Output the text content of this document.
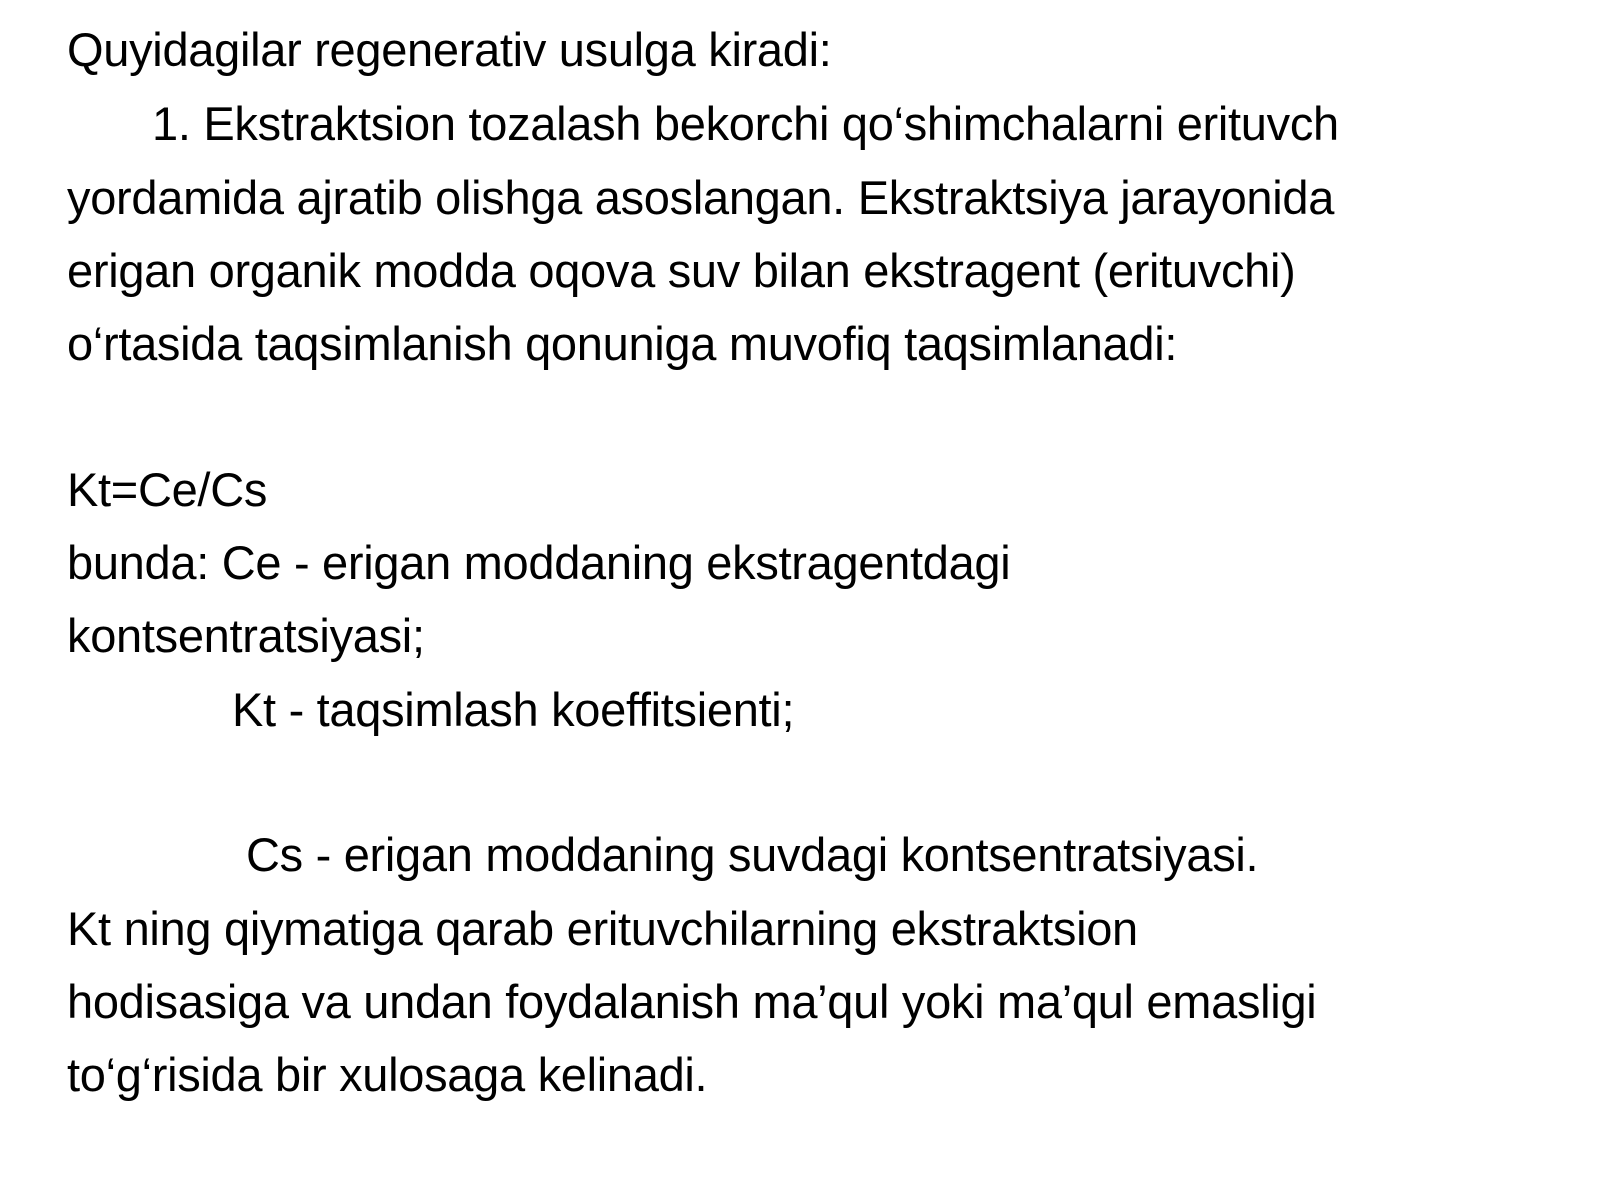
Quyidagilar regenerativ usulga kiradi:
1. Ekstraktsion tozalash bekorchi qo‘shimchalarni erituvch
yordamida ajratib olishga asoslangan. Ekstraktsiya jarayonida
erigan organik modda oqova suv bilan ekstragent (erituvchi)
o‘rtasida taqsimlanish qonuniga muvofiq taqsimlanadi:
Kt=Ce/Cs
bunda: Ce - erigan moddaning ekstragentdagi
kontsentratsiyasi;
Kt - taqsimlash koeffitsienti;
Cs - erigan moddaning suvdagi kontsentratsiyasi.
Kt ning qiymatiga qarab erituvchilarning ekstraktsion
hodisasiga va undan foydalanish ma’qul yoki ma’qul emasligi
to‘g‘risida bir xulosaga kelinadi.
